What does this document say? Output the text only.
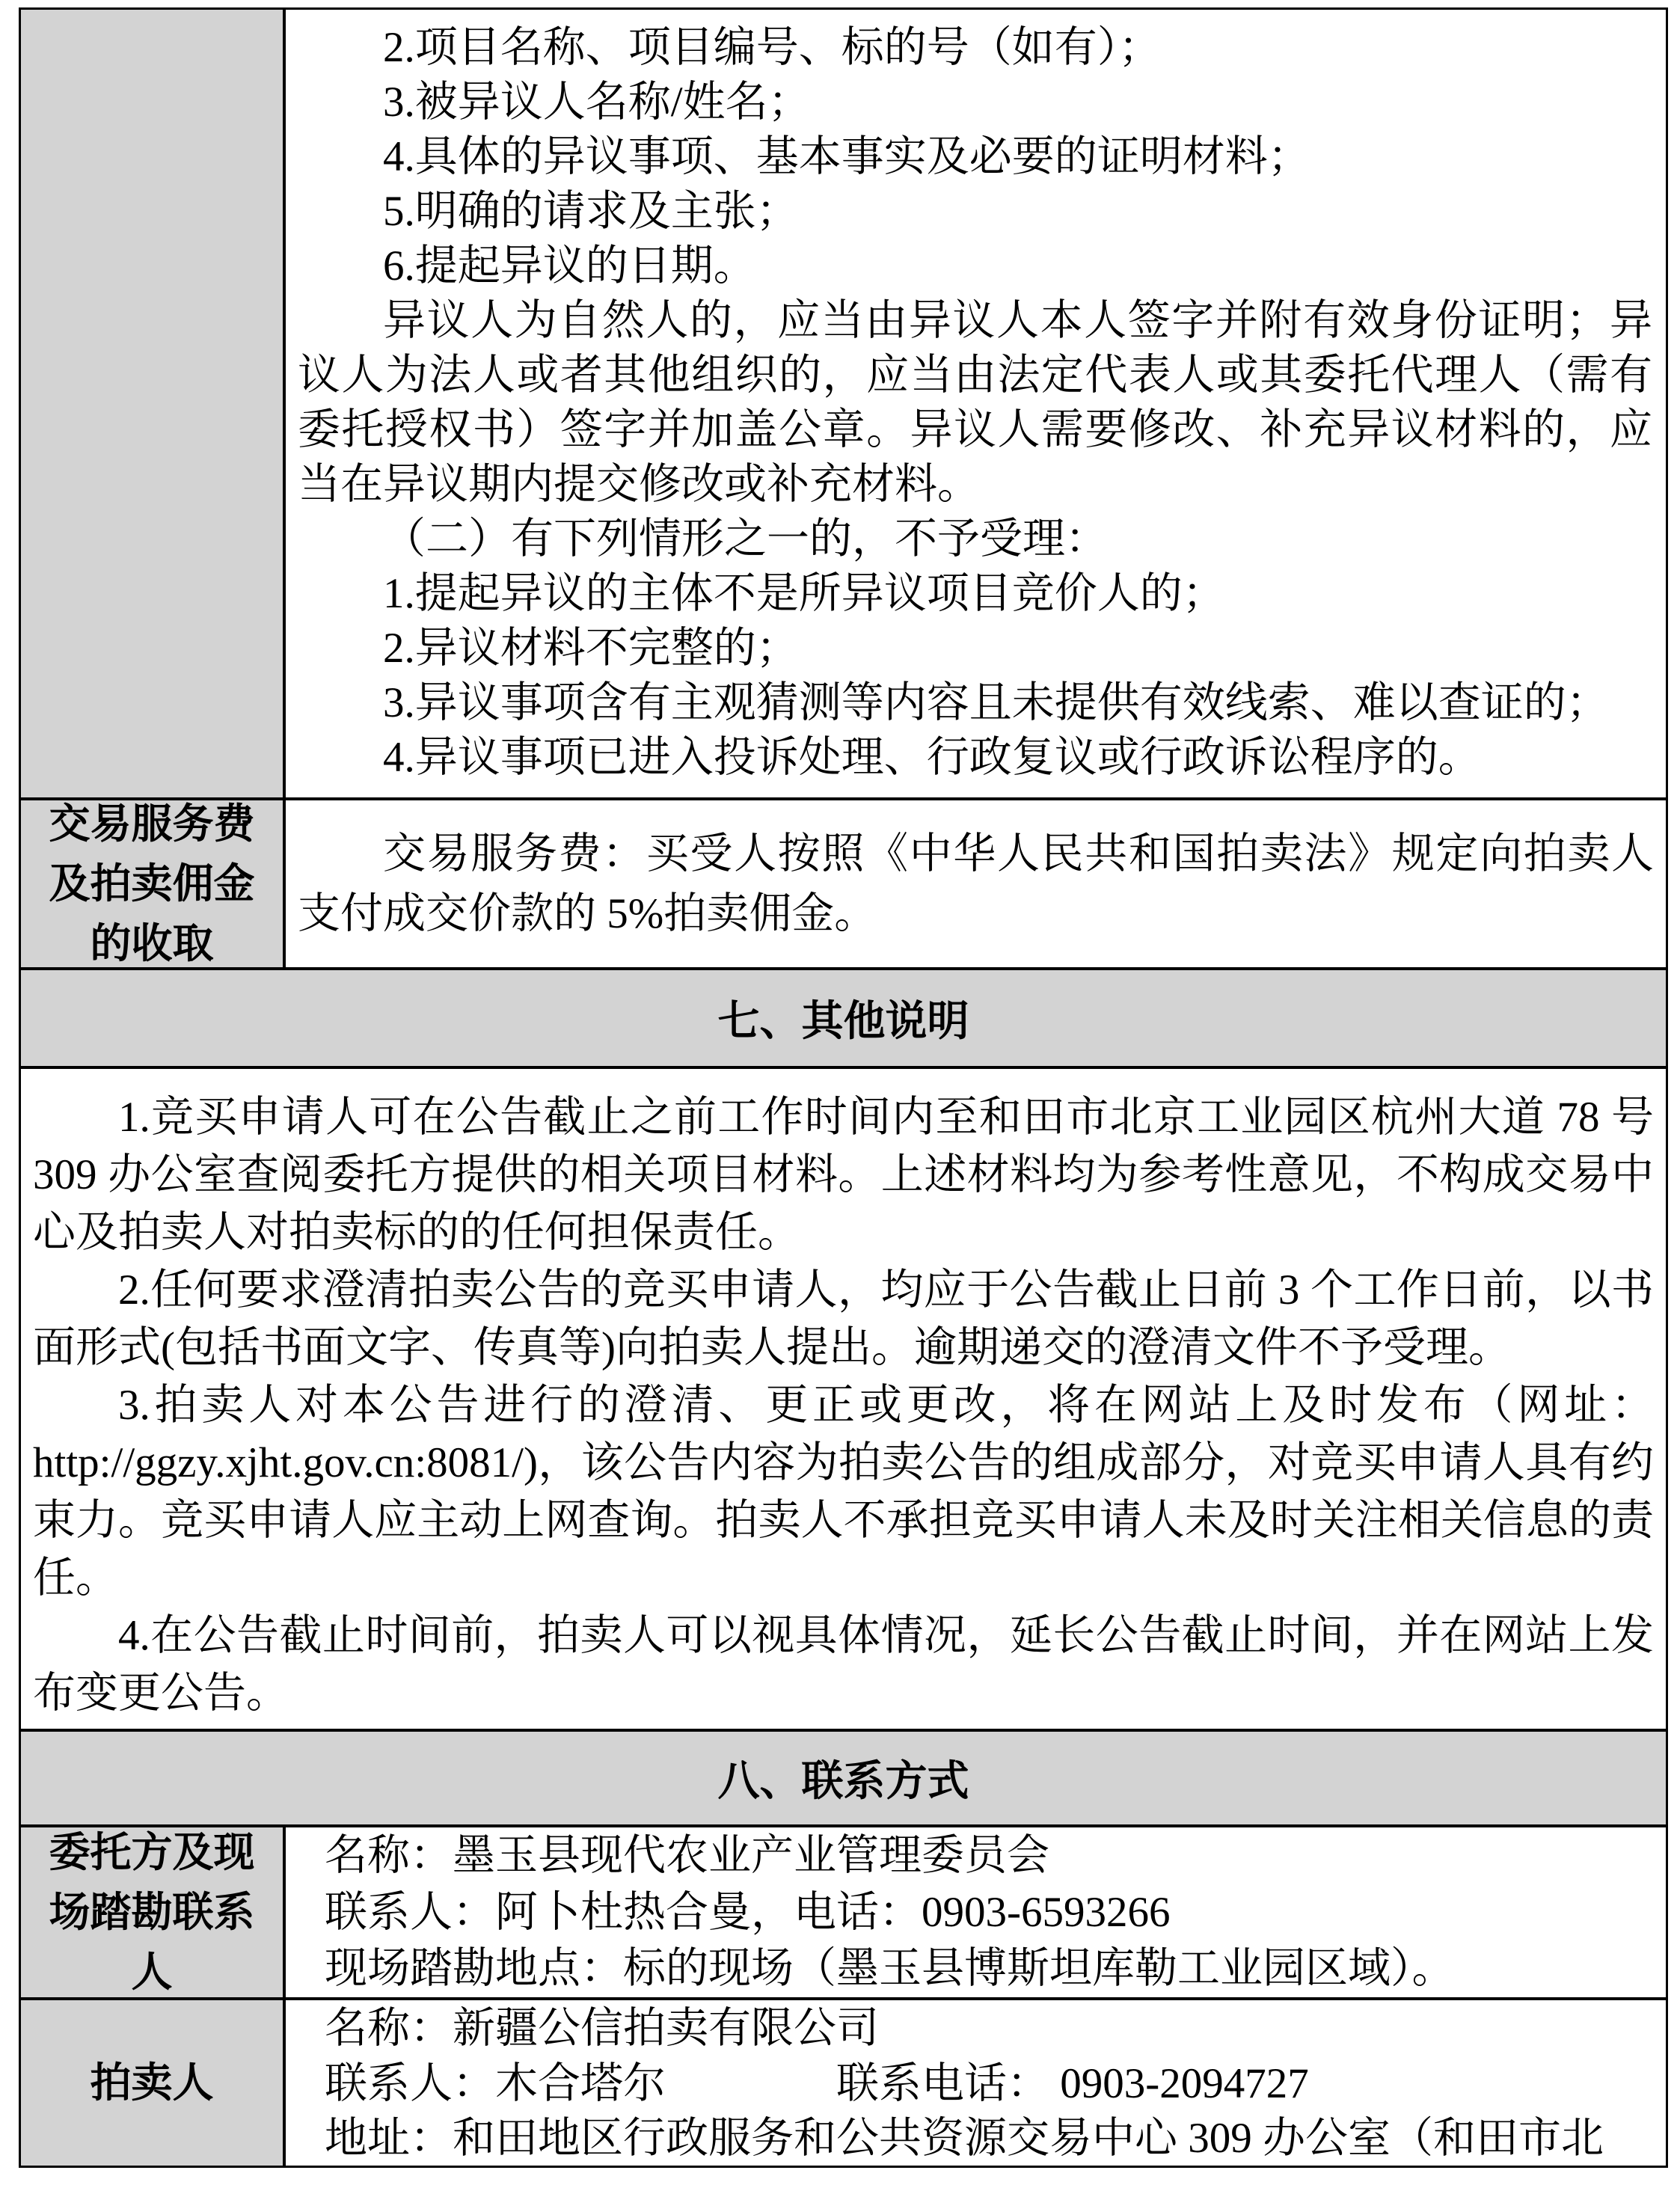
2.项目名称、项目编号、标的号（如有）；
3.被异议人名称/姓名；
4.具体的异议事项、基本事实及必要的证明材料；
5.明确的请求及主张；
6.提起异议的日期。

异议人为自然人的，应当由异议人本人签字并附有效身份证明；异议人为法人或者其他组织的，应当由法定代表人或其委托代理人（需有委托授权书）签字并加盖公章。异议人需要修改、补充异议材料的，应当在异议期内提交修改或补充材料。

（二）有下列情形之一的，不予受理：
1.提起异议的主体不是所异议项目竞价人的；
2.异议材料不完整的；
3.异议事项含有主观猜测等内容且未提供有效线索、难以查证的；
4.异议事项已进入投诉处理、行政复议或行政诉讼程序的。
交易服务费及拍卖佣金的收取

交易服务费：买受人按照《中华人民共和国拍卖法》规定向拍卖人支付成交价款的 5%拍卖佣金。

七、其他说明

1.竞买申请人可在公告截止之前工作时间内至和田市北京工业园区杭州大道 78 号 309 办公室查阅委托方提供的相关项目材料。上述材料均为参考性意见，不构成交易中心及拍卖人对拍卖标的的任何担保责任。

2.任何要求澄清拍卖公告的竞买申请人，均应于公告截止日前 3 个工作日前，以书面形式(包括书面文字、传真等)向拍卖人提出。逾期递交的澄清文件不予受理。

3.拍卖人对本公告进行的澄清、更正或更改，将在网站上及时发布（网址：http://ggzy.xjht.gov.cn:8081/)，该公告内容为拍卖公告的组成部分，对竞买申请人具有约束力。竞买申请人应主动上网查询。拍卖人不承担竞买申请人未及时关注相关信息的责任。

4.在公告截止时间前，拍卖人可以视具体情况，延长公告截止时间，并在网站上发布变更公告。

八、联系方式
委托方及现场踏勘联系人
名称：墨玉县现代农业产业管理委员会
联系人：阿卜杜热合曼，电话：0903-6593266
现场踏勘地点：标的现场（墨玉县博斯坦库勒工业园区域）。
拍卖人
名称：新疆公信拍卖有限公司
联系人：木合塔尔　　　　联系电话： 0903-2094727
地址：和田地区行政服务和公共资源交易中心 309 办公室（和田市北
